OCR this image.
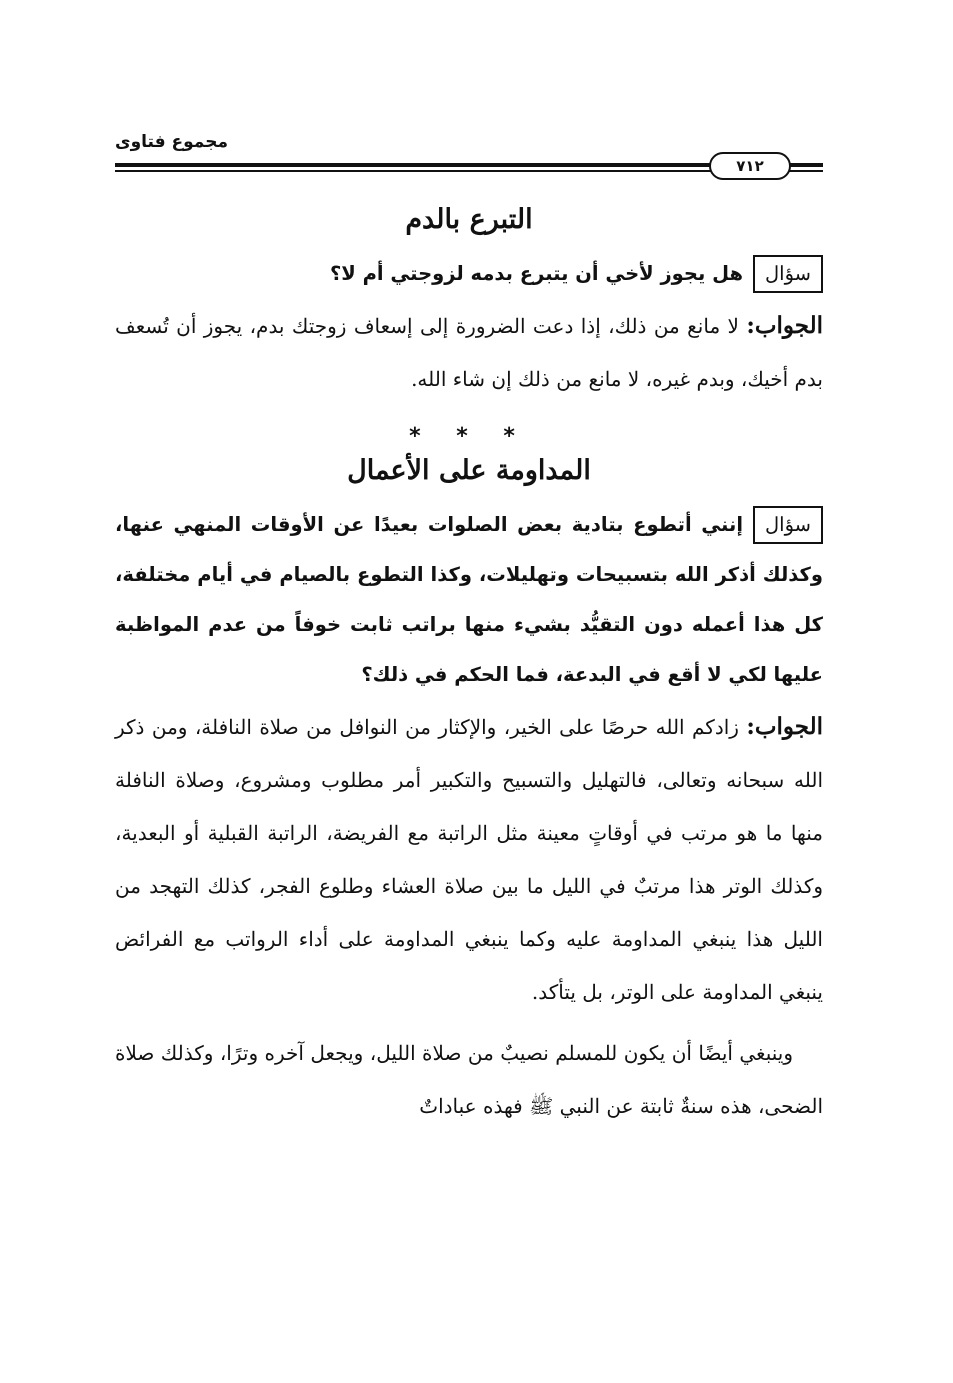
مجموع فتاوى
٧١٢
التبرع بالدم

سؤالهل يجوز لأخي أن يتبرع بدمه لزوجتي أم لا؟

الجواب: لا مانع من ذلك، إذا دعت الضرورة إلى إسعاف زوجتك بدم، يجوز أن تُسعف بدم أخيك، وبدم غيره، لا مانع من ذلك إن شاء الله.

* * *
المداومة على الأعمال

سؤالإنني أتطوع بتادية بعض الصلوات بعيدًا عن الأوقات المنهي عنها، وكذلك أذكر الله بتسبيحات وتهليلات، وكذا التطوع بالصيام في أيام مختلفة، كل هذا أعمله دون التقيُّد بشيء منها براتب ثابت خوفاً من عدم المواظبة عليها لكي لا أقع في البدعة، فما الحكم في ذلك؟

الجواب: زادكم الله حرصًا على الخير، والإكثار من النوافل من صلاة النافلة، ومن ذكر الله سبحانه وتعالى، فالتهليل والتسبيح والتكبير أمر مطلوب ومشروع، وصلاة النافلة منها ما هو مرتب في أوقاتٍ معينة مثل الراتبة مع الفريضة، الراتبة القبلية أو البعدية، وكذلك الوتر هذا مرتبٌ في الليل ما بين صلاة العشاء وطلوع الفجر، كذلك التهجد من الليل هذا ينبغي المداومة عليه وكما ينبغي المداومة على أداء الرواتب مع الفرائض ينبغي المداومة على الوتر، بل يتأكد.

وينبغي أيضًا أن يكون للمسلم نصيبٌ من صلاة الليل، ويجعل آخره وترًا، وكذلك صلاة الضحى، هذه سنةٌ ثابتة عن النبي ﷺ فهذه عباداتٌ
